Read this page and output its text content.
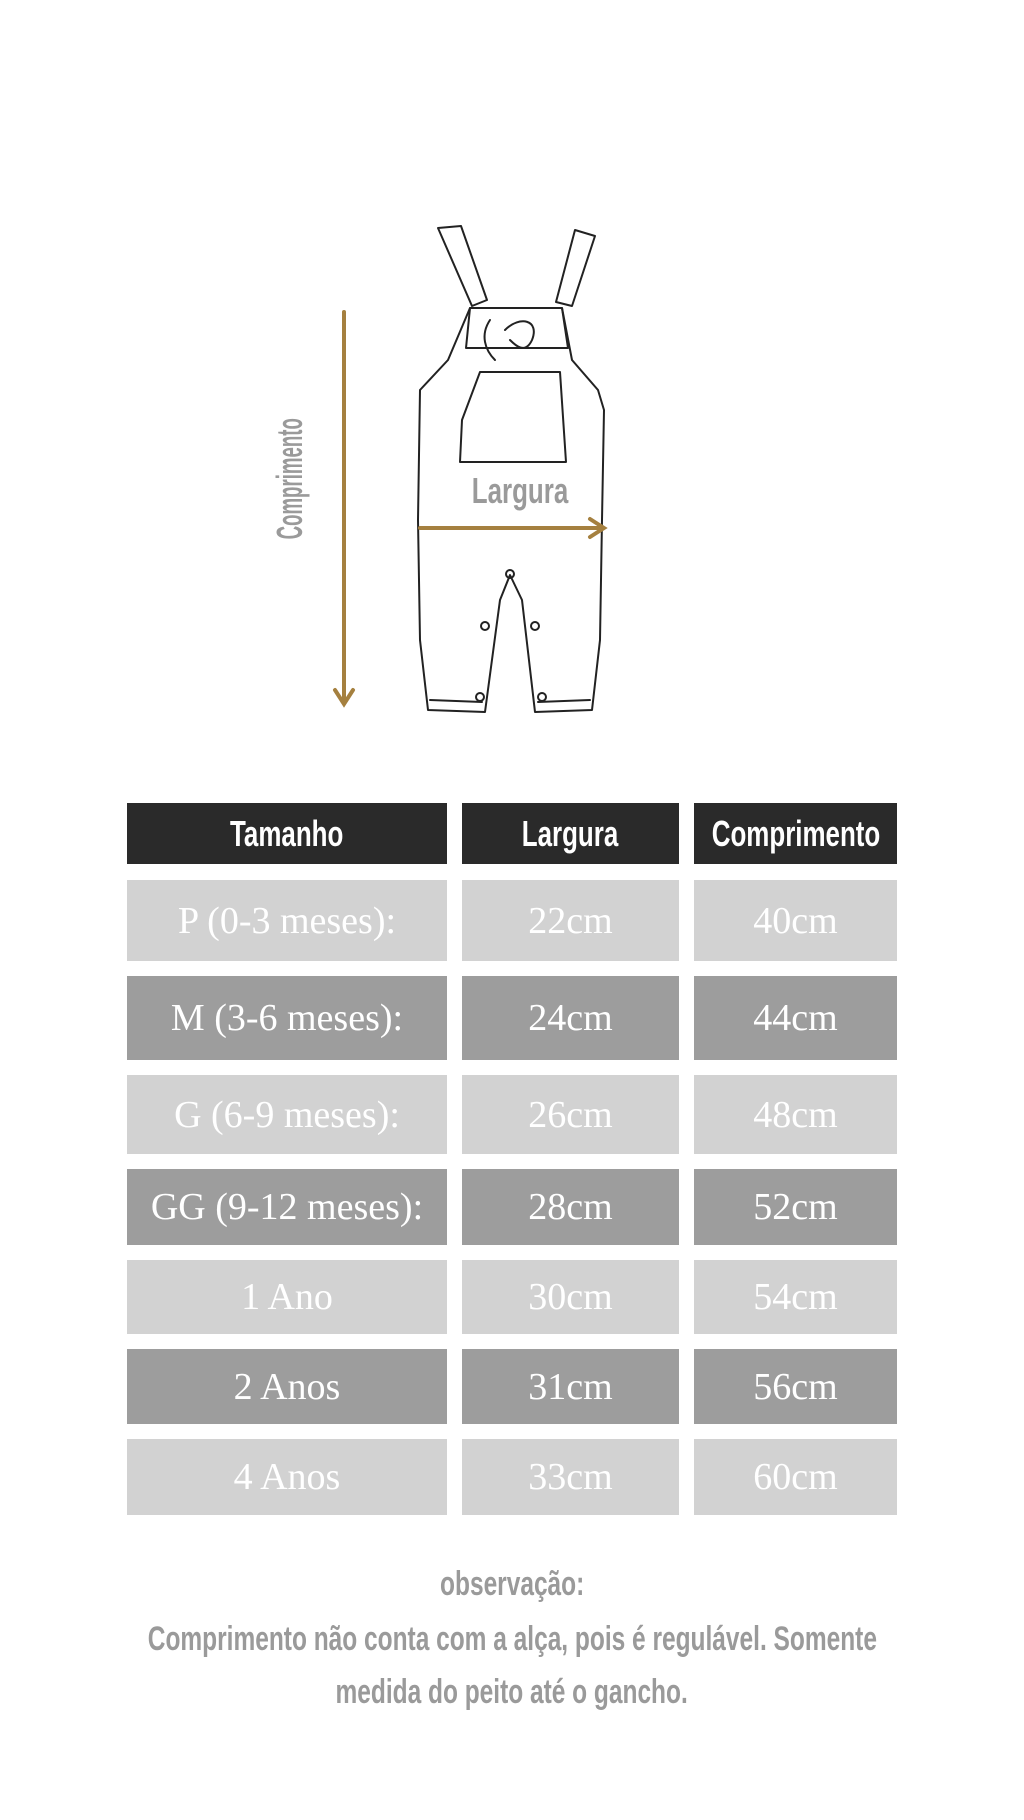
Comprimento	Largura
Tamanho	Largura	Comprimento
P (0-3 meses):	22cm	40cm
M (3-6 meses):	24cm	44cm
G (6-9 meses):	26cm	48cm
GG (9-12 meses):	28cm	52cm
1 Ano	30cm	54cm
2 Anos	31cm	56cm
4 Anos	33cm	60cm
observação:
Comprimento não conta com a alça, pois é regulável. Somente
medida do peito até o gancho.
